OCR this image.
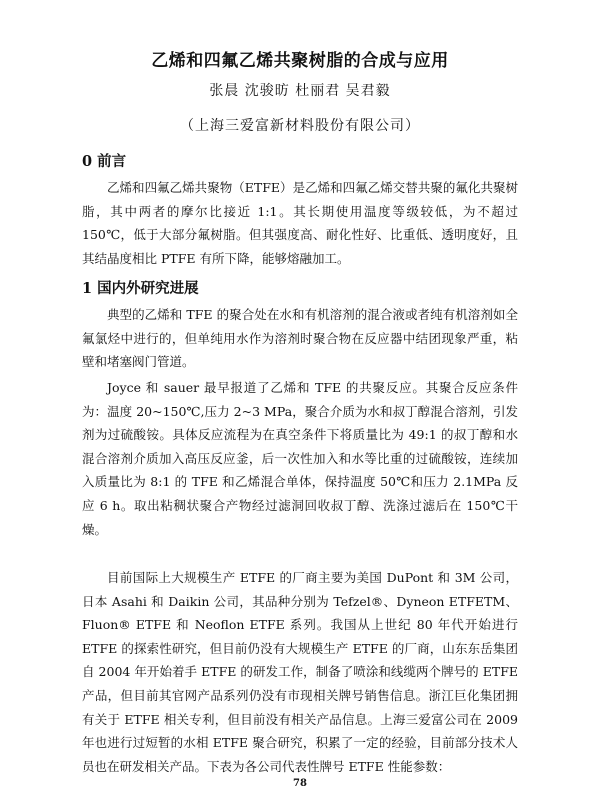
乙烯和四氟乙烯共聚树脂的合成与应用
张晨 沈骏昉 杜丽君 吴君毅
（上海三爱富新材料股份有限公司）
0 前言

乙烯和四氟乙烯共聚物（ETFE）是乙烯和四氟乙烯交替共聚的氟化共聚树脂，其中两者的摩尔比接近 1:1。其长期使用温度等级较低，为不超过 150℃，低于大部分氟树脂。但其强度高、耐化性好、比重低、透明度好，且其结晶度相比 PTFE 有所下降，能够熔融加工。

1 国内外研究进展

典型的乙烯和 TFE 的聚合处在水和有机溶剂的混合液或者纯有机溶剂如全氟氯烃中进行的，但单纯用水作为溶剂时聚合物在反应器中结团现象严重，粘壁和堵塞阀门管道。

Joyce 和 sauer 最早报道了乙烯和 TFE 的共聚反应。其聚合反应条件为：温度 20~150℃,压力 2~3 MPa，聚合介质为水和叔丁醇混合溶剂，引发剂为过硫酸铵。具体反应流程为在真空条件下将质量比为 49:1 的叔丁醇和水混合溶剂介质加入高压反应釜，后一次性加入和水等比重的过硫酸铵，连续加入质量比为 8:1 的 TFE 和乙烯混合单体，保持温度 50℃和压力 2.1MPa 反应 6 h。取出粘稠状聚合产物经过滤洞回收叔丁醇、洗涤过滤后在 150℃干燥。

目前国际上大规模生产 ETFE 的厂商主要为美国 DuPont 和 3M 公司，日本 Asahi 和 Daikin 公司，其品种分别为 Tefzel®、Dyneon ETFETM、Fluon® ETFE 和 Neoflon ETFE 系列。我国从上世纪 80 年代开始进行 ETFE 的探索性研究，但目前仍没有大规模生产 ETFE 的厂商，山东东岳集团自 2004 年开始着手 ETFE 的研发工作，制备了喷涂和线缆两个牌号的 ETFE 产品，但目前其官网产品系列仍没有市现相关牌号销售信息。浙江巨化集团拥有关于 ETFE 相关专利，但目前没有相关产品信息。上海三爱富公司在 2009 年也进行过短暂的水相 ETFE 聚合研究，积累了一定的经验，目前部分技术人员也在研发相关产品。下表为各公司代表性牌号 ETFE 性能参数：

78
